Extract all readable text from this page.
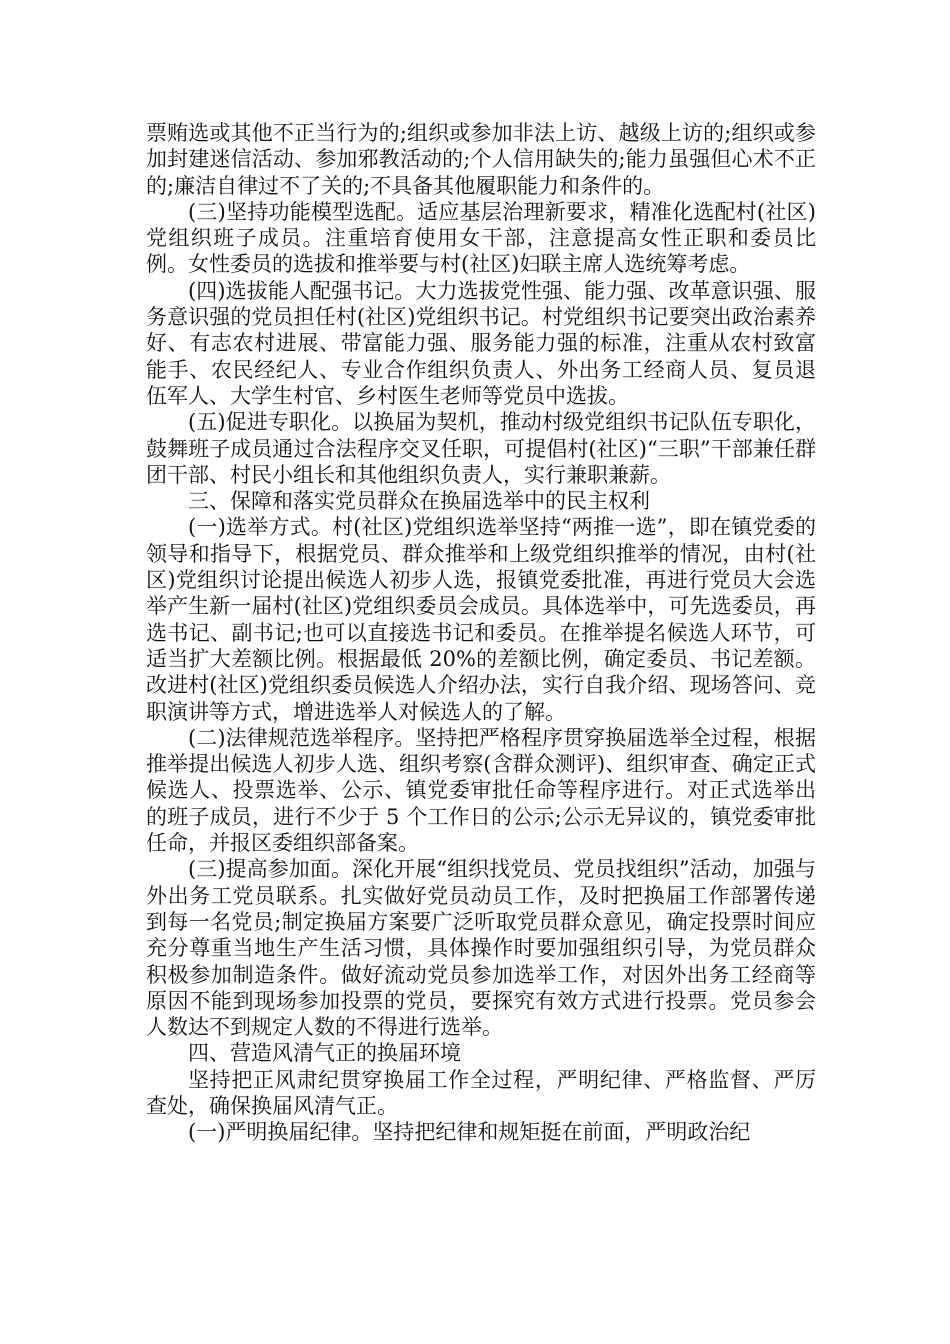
票贿选或其他不正当行为的;组织或参加非法上访、越级上访的;组织或参加封建迷信活动、参加邪教活动的;个人信用缺失的;能力虽强但心术不正的;廉洁自律过不了关的;不具备其他履职能力和条件的。

(三)坚持功能模型选配。适应基层治理新要求，精准化选配村(社区)党组织班子成员。注重培育使用女干部，注意提高女性正职和委员比例。女性委员的选拔和推举要与村(社区)妇联主席人选统筹考虑。

(四)选拔能人配强书记。大力选拔党性强、能力强、改革意识强、服务意识强的党员担任村(社区)党组织书记。村党组织书记要突出政治素养好、有志农村进展、带富能力强、服务能力强的标准，注重从农村致富能手、农民经纪人、专业合作组织负责人、外出务工经商人员、复员退伍军人、大学生村官、乡村医生老师等党员中选拔。

(五)促进专职化。以换届为契机，推动村级党组织书记队伍专职化，鼓舞班子成员通过合法程序交叉任职，可提倡村(社区)“三职”干部兼任群团干部、村民小组长和其他组织负责人，实行兼职兼薪。

三、保障和落实党员群众在换届选举中的民主权利

(一)选举方式。村(社区)党组织选举坚持“两推一选”，即在镇党委的领导和指导下，根据党员、群众推举和上级党组织推举的情况，由村(社区)党组织讨论提出候选人初步人选，报镇党委批准，再进行党员大会选举产生新一届村(社区)党组织委员会成员。具体选举中，可先选委员，再选书记、副书记;也可以直接选书记和委员。在推举提名候选人环节，可适当扩大差额比例。根据最低 20%的差额比例，确定委员、书记差额。改进村(社区)党组织委员候选人介绍办法，实行自我介绍、现场答问、竞职演讲等方式，增进选举人对候选人的了解。

(二)法律规范选举程序。坚持把严格程序贯穿换届选举全过程，根据推举提出候选人初步人选、组织考察(含群众测评)、组织审查、确定正式候选人、投票选举、公示、镇党委审批任命等程序进行。对正式选举出的班子成员，进行不少于 5 个工作日的公示;公示无异议的，镇党委审批任命，并报区委组织部备案。

(三)提高参加面。深化开展“组织找党员、党员找组织”活动，加强与外出务工党员联系。扎实做好党员动员工作，及时把换届工作部署传递到每一名党员;制定换届方案要广泛听取党员群众意见，确定投票时间应充分尊重当地生产生活习惯，具体操作时要加强组织引导，为党员群众积极参加制造条件。做好流动党员参加选举工作，对因外出务工经商等原因不能到现场参加投票的党员，要探究有效方式进行投票。党员参会人数达不到规定人数的不得进行选举。

四、营造风清气正的换届环境

坚持把正风肃纪贯穿换届工作全过程，严明纪律、严格监督、严厉查处，确保换届风清气正。

(一)严明换届纪律。坚持把纪律和规矩挺在前面，严明政治纪
